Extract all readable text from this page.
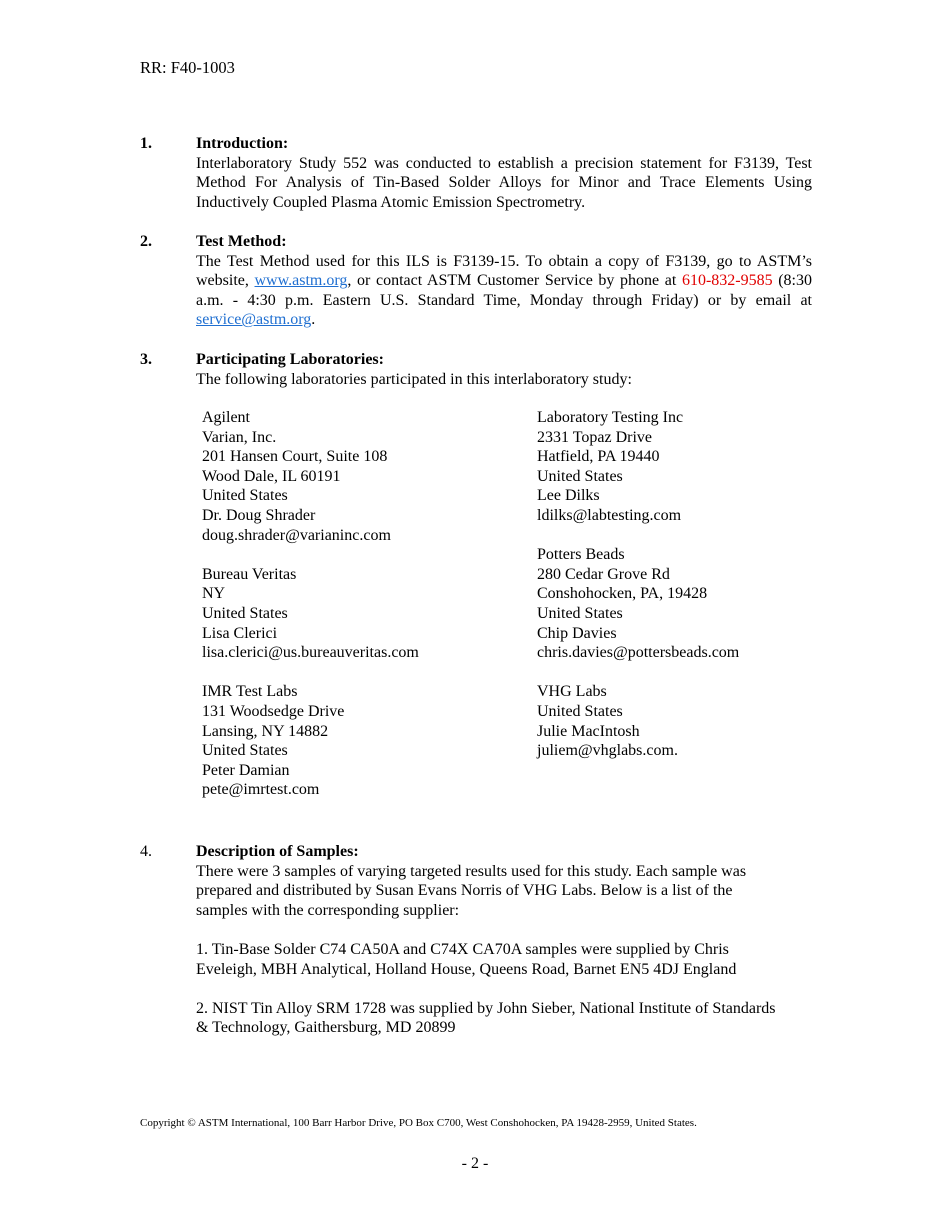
RR: F40-1003
1.	Introduction:
Interlaboratory Study 552 was conducted to establish a precision statement for F3139, Test Method For Analysis of Tin-Based Solder Alloys for Minor and Trace Elements Using Inductively Coupled Plasma Atomic Emission Spectrometry.
2.	Test Method:
The Test Method used for this ILS is F3139-15. To obtain a copy of F3139, go to ASTM’s website, www.astm.org, or contact ASTM Customer Service by phone at 610-832-9585 (8:30 a.m. - 4:30 p.m. Eastern U.S. Standard Time, Monday through Friday) or by email at service@astm.org.
3.	Participating Laboratories:
The following laboratories participated in this interlaboratory study:
Agilent
Varian, Inc.
201 Hansen Court, Suite 108
Wood Dale, IL 60191
United States
Dr. Doug Shrader
doug.shrader@varianinc.com
Bureau Veritas
NY
United States
Lisa Clerici
lisa.clerici@us.bureauveritas.com
IMR Test Labs
131 Woodsedge Drive
Lansing, NY 14882
United States
Peter Damian
pete@imrtest.com
Laboratory Testing Inc
2331 Topaz Drive
Hatfield, PA 19440
United States
Lee Dilks
ldilks@labtesting.com
Potters Beads
280 Cedar Grove Rd
Conshohocken, PA, 19428
United States
Chip Davies
chris.davies@pottersbeads.com
VHG Labs
United States
Julie MacIntosh
juliem@vhglabs.com.
4.	Description of Samples:
There were 3 samples of varying targeted results used for this study. Each sample was prepared and distributed by Susan Evans Norris of VHG Labs. Below is a list of the samples with the corresponding supplier:
1. Tin-Base Solder C74 CA50A and C74X CA70A samples were supplied by Chris Eveleigh, MBH Analytical, Holland House, Queens Road, Barnet EN5 4DJ England
2. NIST Tin Alloy SRM 1728 was supplied by John Sieber, National Institute of Standards & Technology, Gaithersburg, MD 20899
Copyright © ASTM International, 100 Barr Harbor Drive, PO Box C700, West Conshohocken, PA 19428-2959, United States.
- 2 -
